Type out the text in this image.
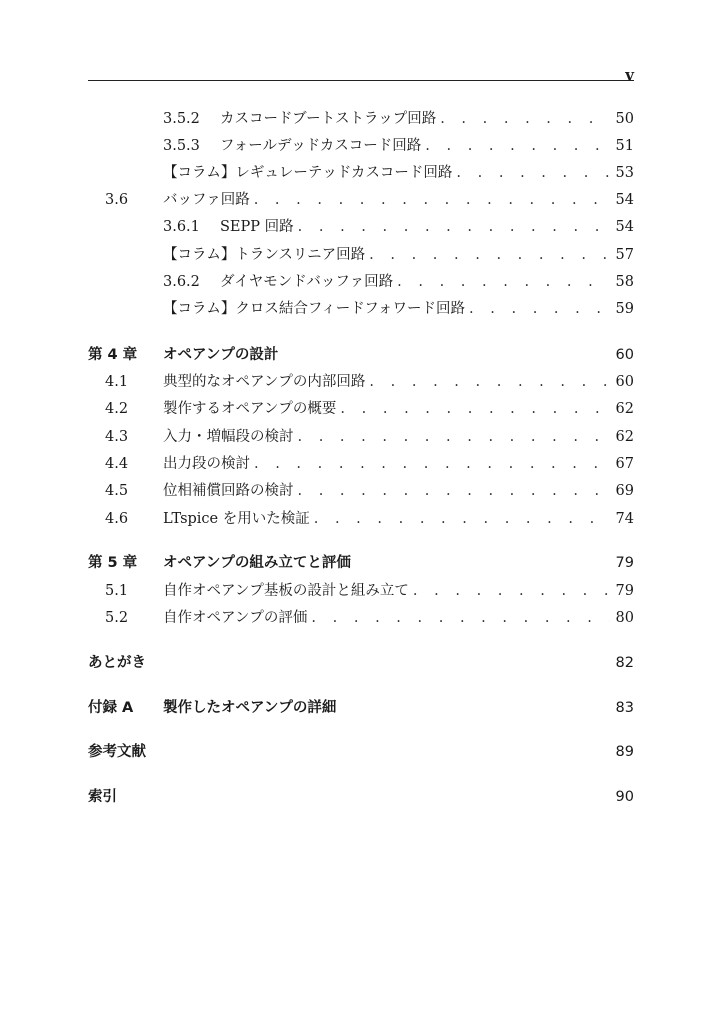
v
3.5.2 カスコードブートストラップ回路 . . .	50
3.5.3 フォールデッドカスコード回路 . . .	51
【コラム】レギュレーテッドカスコード回路 . . .	53
3.6 バッファ回路 . . .	54
3.6.1 SEPP 回路 . . .	54
【コラム】トランスリニア回路 . . .	57
3.6.2 ダイヤモンドバッファ回路 . . .	58
【コラム】クロス結合フィードフォワード回路 . . .	59
第 4 章 オペアンプの設計	60
4.1 典型的なオペアンプの内部回路 . . .	60
4.2 製作するオペアンプの概要 . . .	62
4.3 入力・増幅段の検討 . . .	62
4.4 出力段の検討 . . .	67
4.5 位相補償回路の検討 . . .	69
4.6 LTspice を用いた検証 . . .	74
第 5 章 オペアンプの組み立てと評価	79
5.1 自作オペアンプ基板の設計と組み立て . . .	79
5.2 自作オペアンプの評価 . . .	80
あとがき	82
付録 A 製作したオペアンプの詳細	83
参考文献	89
索引	90
